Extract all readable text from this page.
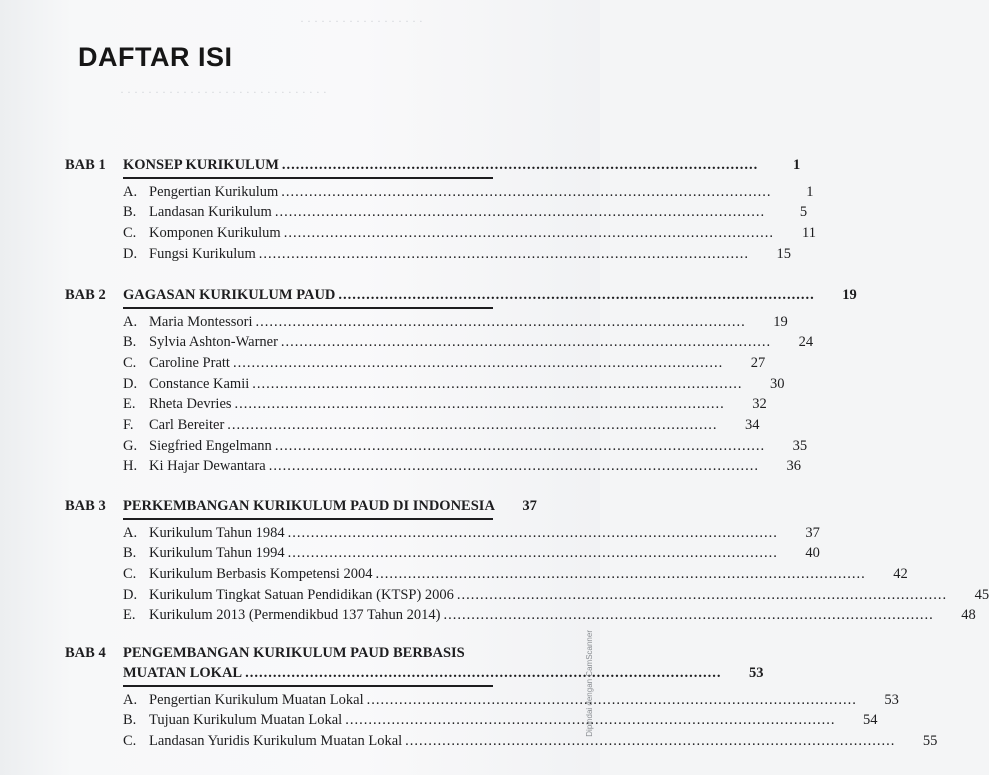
· · · · · · · · · · · · · · · · · ·
· · · · · · · · · · · · · · · · · · · · · · · · · · · · · ·
DAFTAR ISI
BAB 1	KONSEP KURIKULUM .......................................................................................................	1
A. Pengertian Kurikulum ..........................................................................................................	1
B. Landasan Kurikulum ..........................................................................................................	5
C. Komponen Kurikulum ..........................................................................................................	11
D. Fungsi Kurikulum ..........................................................................................................	15
BAB 2	GAGASAN KURIKULUM PAUD .......................................................................................................	19
A. Maria Montessori ..........................................................................................................	19
B. Sylvia Ashton-Warner ..........................................................................................................	24
C. Caroline Pratt ..........................................................................................................	27
D. Constance Kamii ..........................................................................................................	30
E. Rheta Devries ..........................................................................................................	32
F.	Carl Bereiter ..........................................................................................................	34
G. Siegfried Engelmann ..........................................................................................................	35
H. Ki Hajar Dewantara ..........................................................................................................	36
BAB 3	PERKEMBANGAN KURIKULUM PAUD DI INDONESIA	37
A. Kurikulum Tahun 1984 ..........................................................................................................	37
B. Kurikulum Tahun 1994 ..........................................................................................................	40
C. Kurikulum Berbasis Kompetensi 2004 ..........................................................................................................	42
D. Kurikulum Tingkat Satuan Pendidikan (KTSP) 2006 ..........................................................................................................	45
E. Kurikulum 2013 (Permendikbud 137 Tahun 2014) ..........................................................................................................	48
BAB 4	PENGEMBANGAN KURIKULUM PAUD BERBASIS
MUATAN LOKAL .......................................................................................................	53
A. Pengertian Kurikulum Muatan Lokal ..........................................................................................................	53
B. Tujuan Kurikulum Muatan Lokal ..........................................................................................................	54
C. Landasan Yuridis Kurikulum Muatan Lokal ..........................................................................................................	55
Dipindai dengan CamScanner
